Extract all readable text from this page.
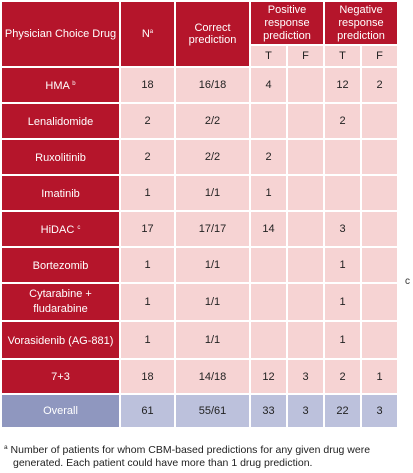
Physician Choice Drug	$N^a$	Correct prediction	Positive response prediction		Negative response prediction	
			T	F	T	F
HMA $^b$	18	16/18	4		12	2
Lenalidomide	2	2/2			2	
Ruxolitinib	2	2/2	2			
Imatinib	1	1/1	1			
HiDAC $^c$	17	17/17	14		3	
Bortezomib	1	1/1			1	
Cytarabine + fludarabine	1	1/1			1	
Vorasidenib (AG-881)	1	1/1			1	
7+3	18	14/18	12	3	2	1
Overall	61	55/61	33	3	22	3
c
$^a$ Number of patients for whom CBM-based predictions for any given drug were
generated. Each patient could have more than 1 drug prediction.
